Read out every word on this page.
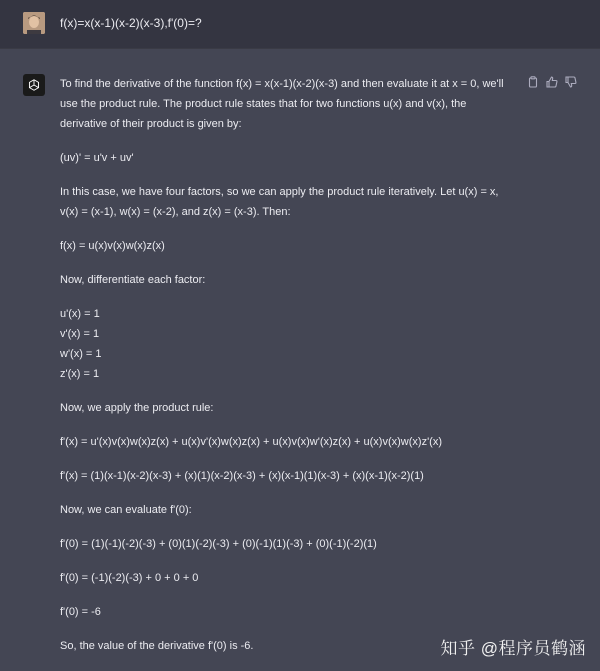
f(x)=x(x-1)(x-2)(x-3),f'(0)=?

To find the derivative of the function f(x) = x(x-1)(x-2)(x-3) and then evaluate it at x = 0, we'll use the product rule. The product rule states that for two functions u(x) and v(x), the derivative of their product is given by:

(uv)' = u'v + uv'

In this case, we have four factors, so we can apply the product rule iteratively. Let u(x) = x, v(x) = (x-1), w(x) = (x-2), and z(x) = (x-3). Then:

f(x) = u(x)v(x)w(x)z(x)

Now, differentiate each factor:

u'(x) = 1

v'(x) = 1

w'(x) = 1

z'(x) = 1

Now, we apply the product rule:

f'(x) = u'(x)v(x)w(x)z(x) + u(x)v'(x)w(x)z(x) + u(x)v(x)w'(x)z(x) + u(x)v(x)w(x)z'(x)

f'(x) = (1)(x-1)(x-2)(x-3) + (x)(1)(x-2)(x-3) + (x)(x-1)(1)(x-3) + (x)(x-1)(x-2)(1)

Now, we can evaluate f'(0):

f'(0) = (1)(-1)(-2)(-3) + (0)(1)(-2)(-3) + (0)(-1)(1)(-3) + (0)(-1)(-2)(1)

f'(0) = (-1)(-2)(-3) + 0 + 0 + 0

f'(0) = -6

So, the value of the derivative f'(0) is -6.	知乎 @程序员鹤涵
